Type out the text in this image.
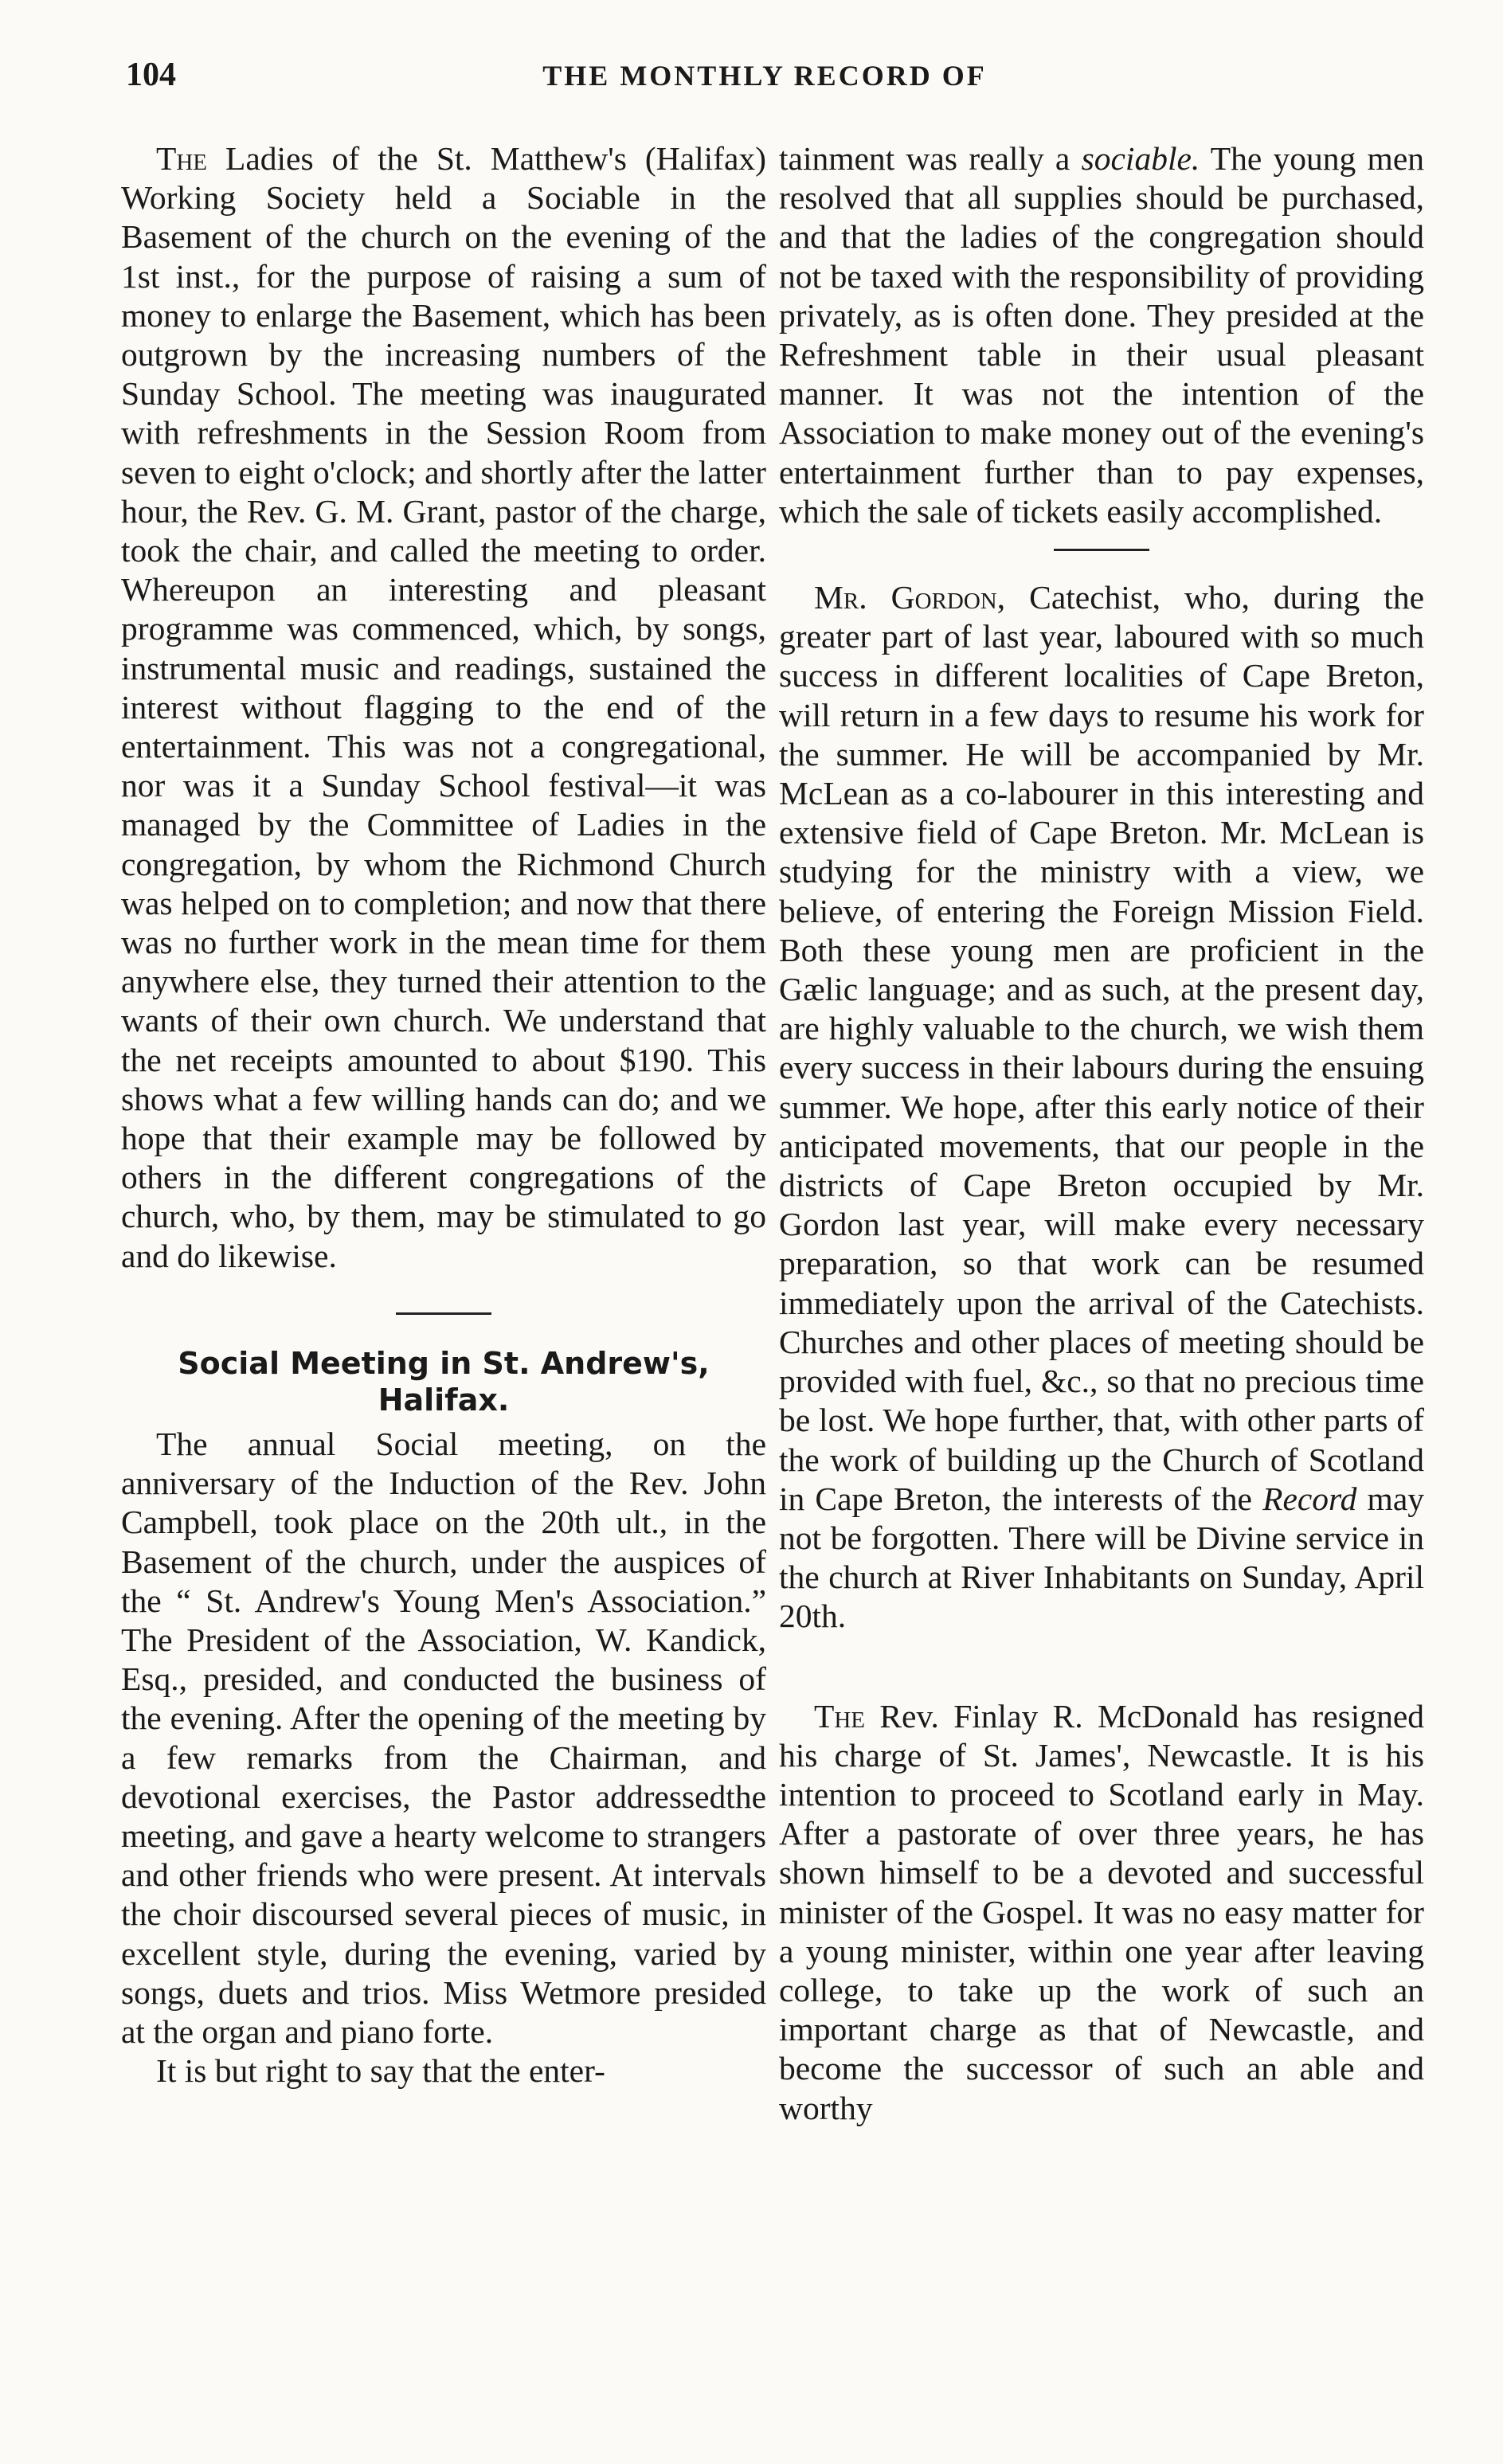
104	THE MONTHLY RECORD OF

The Ladies of the St. Matthew's (Halifax) Working Society held a Sociable in the Basement of the church on the evening of the 1st inst., for the purpose of raising a sum of money to enlarge the Basement, which has been outgrown by the increasing numbers of the Sunday School. The meeting was inaugurated with refreshments in the Session Room from seven to eight o'clock; and shortly after the latter hour, the Rev. G. M. Grant, pastor of the charge, took the chair, and called the meeting to order. Whereupon an interesting and pleasant programme was commenced, which, by songs, instrumental music and readings, sustained the interest without flagging to the end of the entertainment. This was not a congregational, nor was it a Sunday School festival—it was managed by the Committee of Ladies in the congregation, by whom the Richmond Church was helped on to completion; and now that there was no further work in the mean time for them anywhere else, they turned their attention to the wants of their own church. We understand that the net receipts amounted to about $190. This shows what a few willing hands can do; and we hope that their example may be followed by others in the different congregations of the church, who, by them, may be stimulated to go and do likewise.

Social Meeting in St. Andrew's,
Halifax.

The annual Social meeting, on the anniversary of the Induction of the Rev. John Campbell, took place on the 20th ult., in the Basement of the church, under the auspices of the “ St. Andrew's Young Men's Association.” The President of the Association, W. Kandick, Esq., presided, and conducted the business of the evening. After the opening of the meeting by a few remarks from the Chairman, and devotional exercises, the Pastor addressedthe meeting, and gave a hearty welcome to strangers and other friends who were present. At intervals the choir discoursed several pieces of music, in excellent style, during the evening, varied by songs, duets and trios. Miss Wetmore presided at the organ and piano forte.

It is but right to say that the enter-

tainment was really a sociable. The young men resolved that all supplies should be purchased, and that the ladies of the congregation should not be taxed with the responsibility of providing privately, as is often done. They presided at the Refreshment table in their usual pleasant manner. It was not the intention of the Association to make money out of the evening's entertainment further than to pay expenses, which the sale of tickets easily accomplished.

Mr. Gordon, Catechist, who, during the greater part of last year, laboured with so much success in different localities of Cape Breton, will return in a few days to resume his work for the summer. He will be accompanied by Mr. McLean as a co-labourer in this interesting and extensive field of Cape Breton. Mr. McLean is studying for the ministry with a view, we believe, of entering the Foreign Mission Field. Both these young men are proficient in the Gælic language; and as such, at the present day, are highly valuable to the church, we wish them every success in their labours during the ensuing summer. We hope, after this early notice of their anticipated movements, that our people in the districts of Cape Breton occupied by Mr. Gordon last year, will make every necessary preparation, so that work can be resumed immediately upon the arrival of the Catechists. Churches and other places of meeting should be provided with fuel, &c., so that no precious time be lost. We hope further, that, with other parts of the work of building up the Church of Scotland in Cape Breton, the interests of the Record may not be forgotten. There will be Divine service in the church at River Inhabitants on Sunday, April 20th.

The Rev. Finlay R. McDonald has resigned his charge of St. James', Newcastle. It is his intention to proceed to Scotland early in May. After a pastorate of over three years, he has shown himself to be a devoted and successful minister of the Gospel. It was no easy matter for a young minister, within one year after leaving college, to take up the work of such an important charge as that of Newcastle, and become the successor of such an able and worthy
